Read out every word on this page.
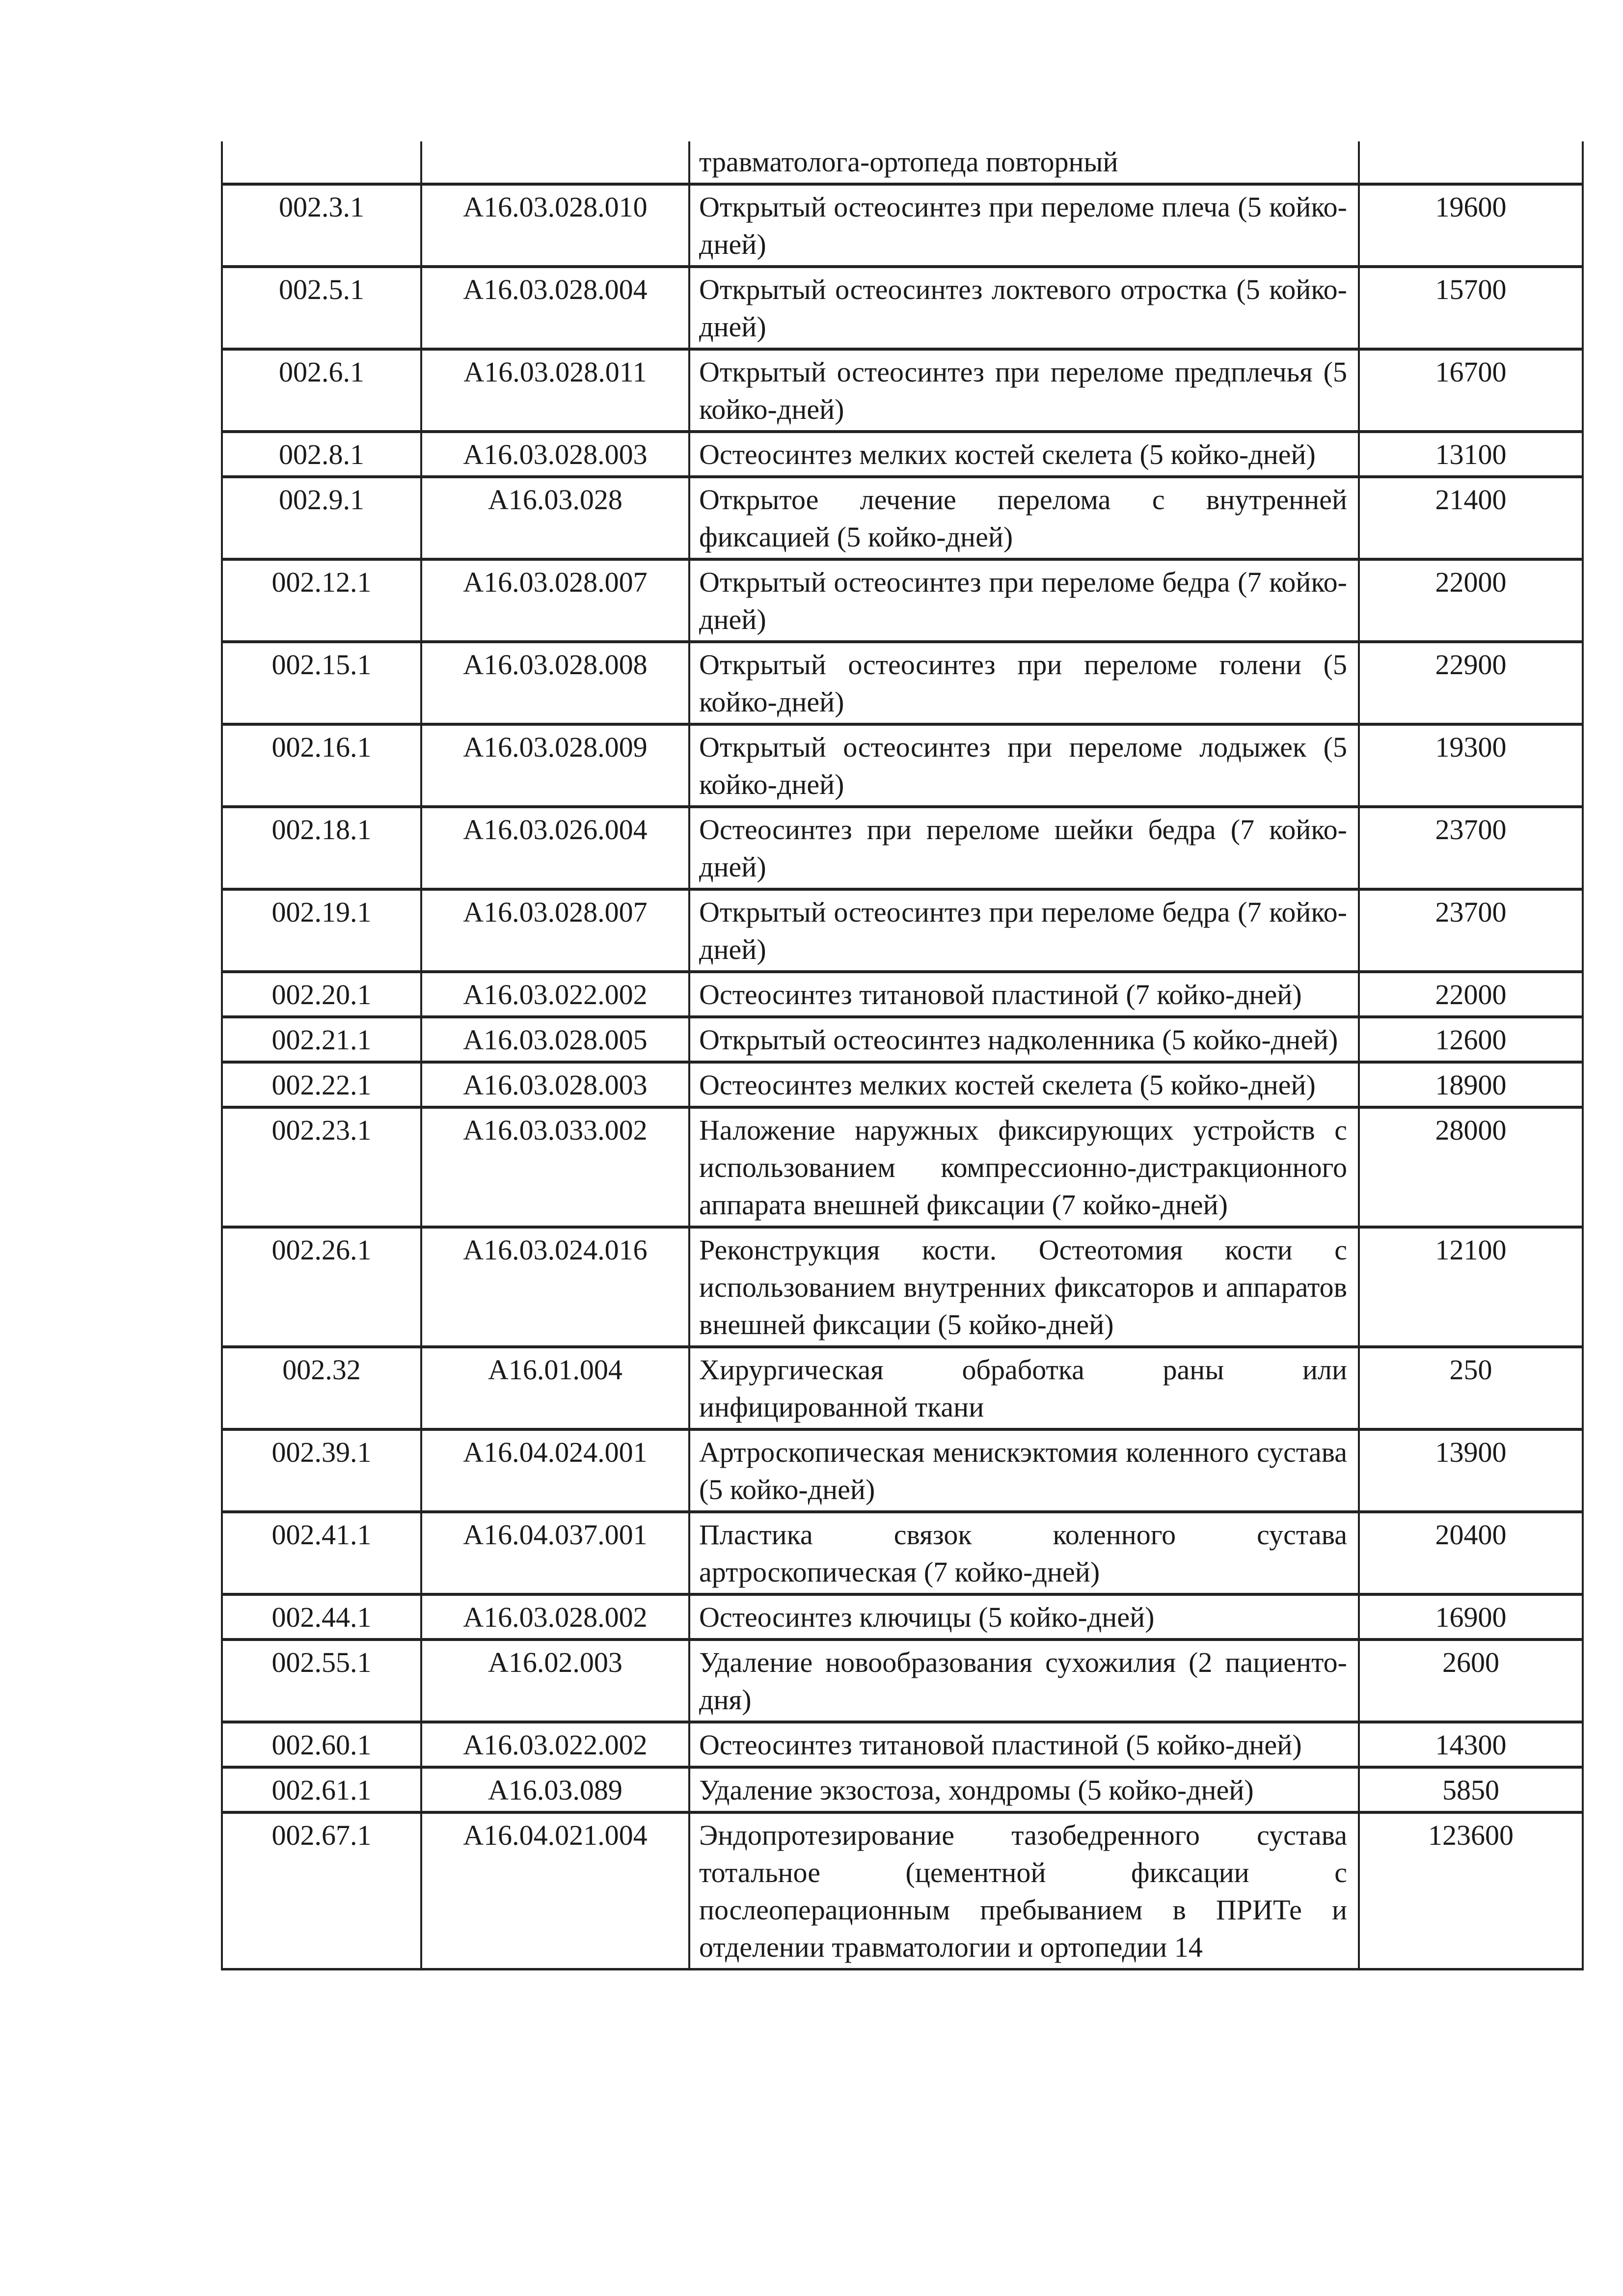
		травматолога-ортопеда повторный	
002.3.1	A16.03.028.010	Открытый остеосинтез при переломе плеча (5 койко-дней)	19600
002.5.1	A16.03.028.004	Открытый остеосинтез локтевого отростка (5 койко-дней)	15700
002.6.1	A16.03.028.011	Открытый остеосинтез при переломе предплечья (5 койко-дней)	16700
002.8.1	A16.03.028.003	Остеосинтез мелких костей скелета (5 койко-дней)	13100
002.9.1	A16.03.028	Открытое лечение перелома с внутренней фиксацией (5 койко-дней)	21400
002.12.1	A16.03.028.007	Открытый остеосинтез при переломе бедра (7 койко-дней)	22000
002.15.1	A16.03.028.008	Открытый остеосинтез при переломе голени (5 койко-дней)	22900
002.16.1	A16.03.028.009	Открытый остеосинтез при переломе лодыжек (5 койко-дней)	19300
002.18.1	A16.03.026.004	Остеосинтез при переломе шейки бедра (7 койко-дней)	23700
002.19.1	A16.03.028.007	Открытый остеосинтез при переломе бедра (7 койко-дней)	23700
002.20.1	A16.03.022.002	Остеосинтез титановой пластиной (7 койко-дней)	22000
002.21.1	A16.03.028.005	Открытый остеосинтез надколенника (5 койко-дней)	12600
002.22.1	A16.03.028.003	Остеосинтез мелких костей скелета (5 койко-дней)	18900
002.23.1	A16.03.033.002	Наложение наружных фиксирующих устройств с использованием компрессионно-дистракционного аппарата внешней фиксации (7 койко-дней)	28000
002.26.1	A16.03.024.016	Реконструкция кости. Остеотомия кости с использованием внутренних фиксаторов и аппаратов внешней фиксации (5 койко-дней)	12100
002.32	A16.01.004	Хирургическая обработка раны или инфицированной ткани	250
002.39.1	A16.04.024.001	Артроскопическая менискэктомия коленного сустава (5 койко-дней)	13900
002.41.1	A16.04.037.001	Пластика связок коленного сустава артроскопическая (7 койко-дней)	20400
002.44.1	A16.03.028.002	Остеосинтез ключицы (5 койко-дней)	16900
002.55.1	A16.02.003	Удаление новообразования сухожилия (2 пациенто-дня)	2600
002.60.1	A16.03.022.002	Остеосинтез титановой пластиной (5 койко-дней)	14300
002.61.1	A16.03.089	Удаление экзостоза, хондромы (5 койко-дней)	5850
002.67.1	A16.04.021.004	Эндопротезирование тазобедренного сустава тотальное (цементной фиксации с послеоперационным пребыванием в ПРИТе и отделении травматологии и ортопедии 14	123600
